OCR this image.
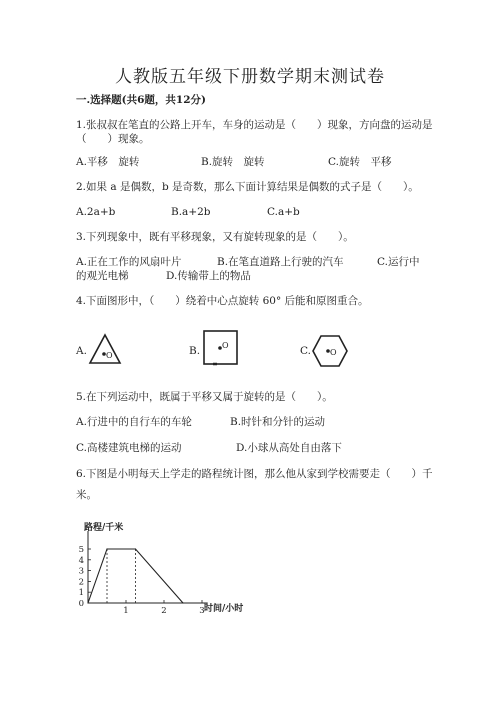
人教版五年级下册数学期末测试卷
一.选择题(共6题，共12分)
1.张叔叔在笔直的公路上开车，车身的运动是（　　）现象，方向盘的运动是
（　　）现象。
A.平移　旋转	B.旋转　旋转	C.旋转　平移
2.如果 a 是偶数，b 是奇数，那么下面计算结果是偶数的式子是（　　）。
A.2a+b	B.a+2b	C.a+b
3.下列现象中，既有平移现象，又有旋转现象的是（　　）。
A.正在工作的风扇叶片	B.在笔直道路上行驶的汽车	C.运行中
的观光电梯	D.传输带上的物品
4.下面图形中，（　　）绕着中心点旋转 60° 后能和原图重合。
A. O	B.	O	C. O
5.在下列运动中，既属于平移又属于旋转的是（　　）。
A.行进中的自行车的车轮	B.时针和分针的运动
C.高楼建筑电梯的运动	D.小球从高处自由落下
6.下图是小明每天上学走的路程统计图，那么他从家到学校需要走（　　）千
米。
0
1
2
3
4
5
1	2	3
路程/千米
时间/小时
